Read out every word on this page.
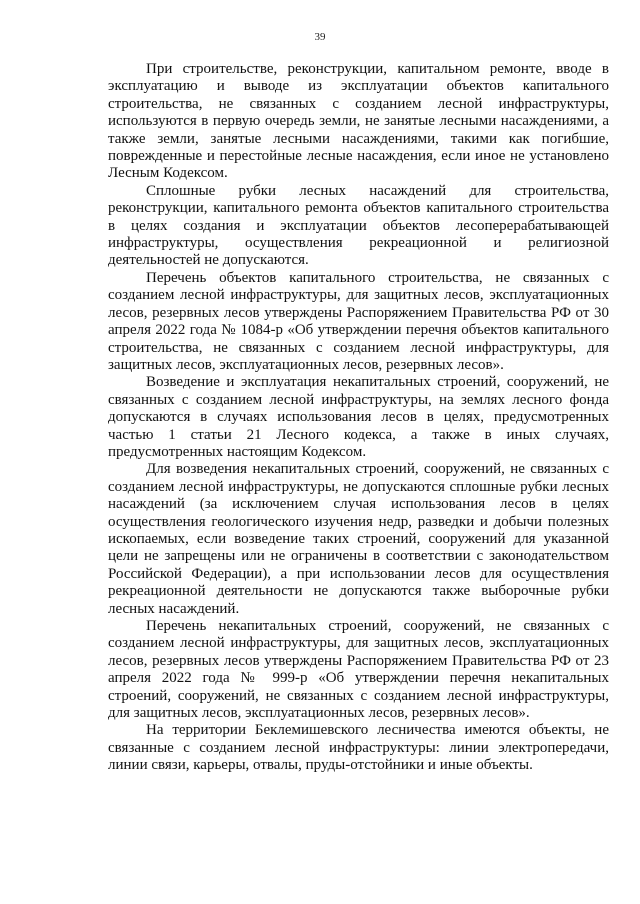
39

При строительстве, реконструкции, капитальном ремонте, вводе в эксплуатацию и выводе из эксплуатации объектов капитального строительства, не связанных с созданием лесной инфраструктуры, используются в первую очередь земли, не занятые лесными насаждениями, а также земли, занятые лесными насаждениями, такими как погибшие, поврежденные и перестойные лесные насаждения, если иное не установлено Лесным Кодексом.

Сплошные рубки лесных насаждений для строительства, реконструкции, капитального ремонта объектов капитального строительства в целях создания и эксплуатации объектов лесоперерабатывающей инфраструктуры, осуществления рекреационной и религиозной деятельностей не допускаются.

Перечень объектов капитального строительства, не связанных с созданием лесной инфраструктуры, для защитных лесов, эксплуатационных лесов, резервных лесов утверждены Распоряжением Правительства РФ от 30 апреля 2022 года № 1084-р «Об утверждении перечня объектов капитального строительства, не связанных с созданием лесной инфраструктуры, для защитных лесов, эксплуатационных лесов, резервных лесов».

Возведение и эксплуатация некапитальных строений, сооружений, не связанных с созданием лесной инфраструктуры, на землях лесного фонда допускаются в случаях использования лесов в целях, предусмотренных частью 1 статьи 21 Лесного кодекса, а также в иных случаях, предусмотренных настоящим Кодексом.

Для возведения некапитальных строений, сооружений, не связанных с созданием лесной инфраструктуры, не допускаются сплошные рубки лесных насаждений (за исключением случая использования лесов в целях осуществления геологического изучения недр, разведки и добычи полезных ископаемых, если возведение таких строений, сооружений для указанной цели не запрещены или не ограничены в соответствии с законодательством Российской Федерации), а при использовании лесов для осуществления рекреационной деятельности не допускаются также выборочные рубки лесных насаждений.

Перечень некапитальных строений, сооружений, не связанных с созданием лесной инфраструктуры, для защитных лесов, эксплуатационных лесов, резервных лесов утверждены Распоряжением Правительства РФ от 23 апреля 2022 года № 999-р «Об утверждении перечня некапитальных строений, сооружений, не связанных с созданием лесной инфраструктуры, для защитных лесов, эксплуатационных лесов, резервных лесов».

На территории Беклемишевского лесничества имеются объекты, не связанные с созданием лесной инфраструктуры: линии электропередачи, линии связи, карьеры, отвалы, пруды-отстойники и иные объекты.
